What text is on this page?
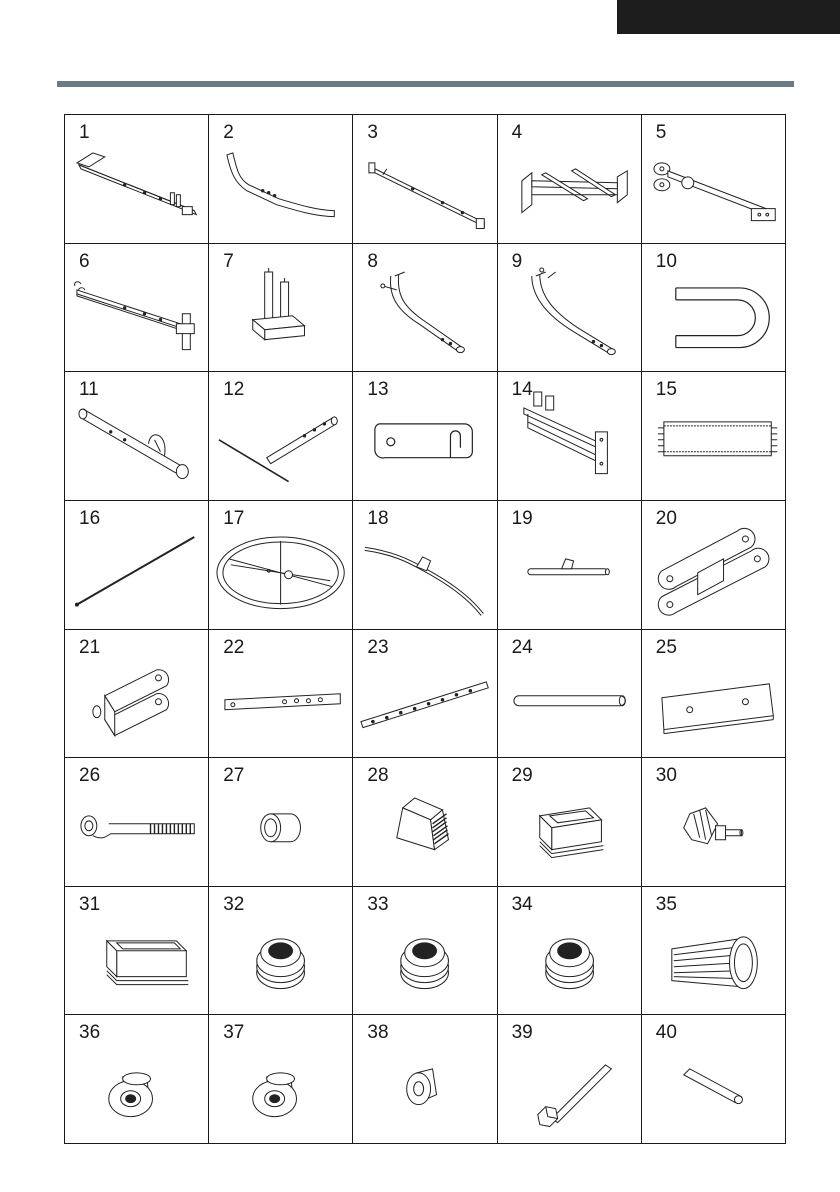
1	2	3	4	5
6	7	8	9	10
11	12	13	14	15
16	17	18	19	20
21	22	23	24	25
26	27	28	29	30
31	32	33	34	35
36	37	38	39	40
